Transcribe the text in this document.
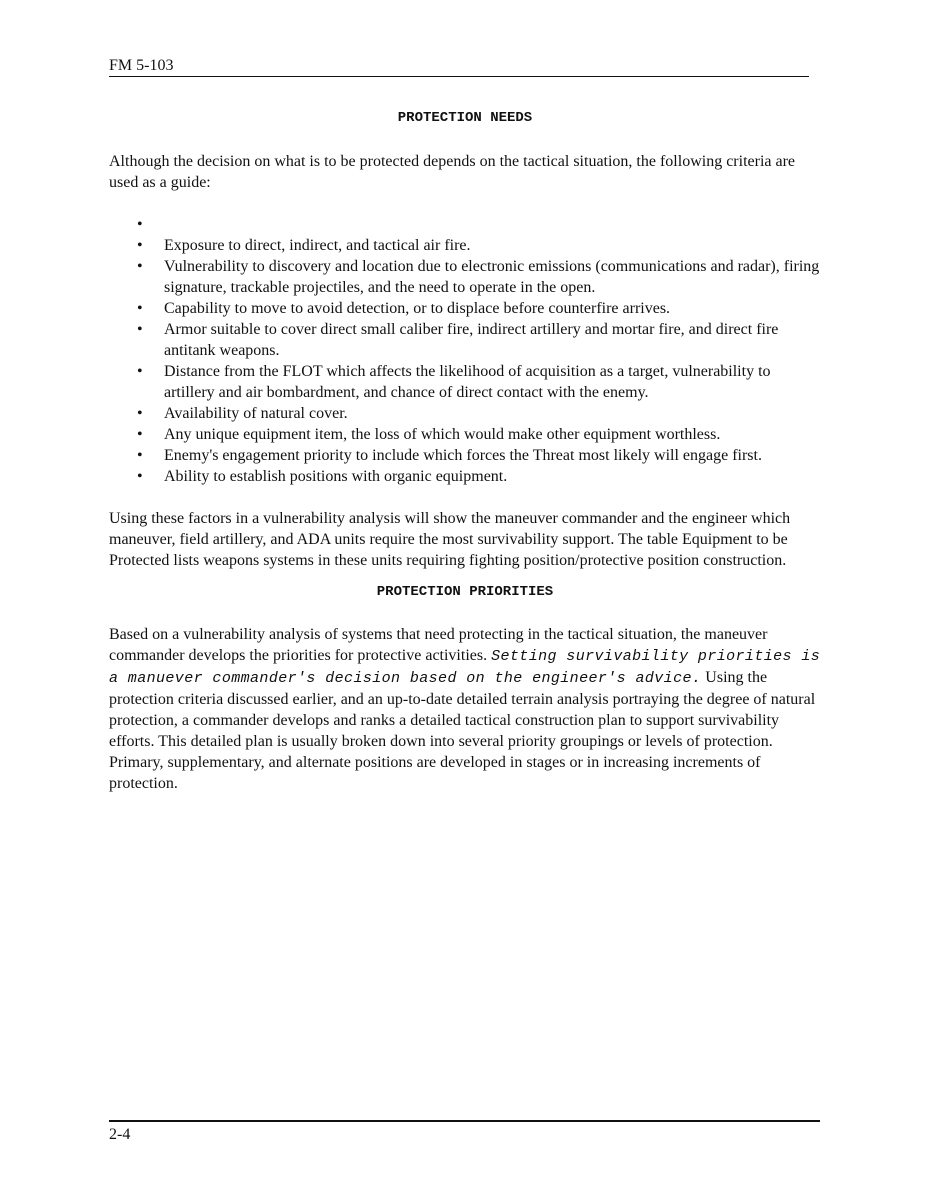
FM 5-103
PROTECTION NEEDS

Although the decision on what is to be protected depends on the tactical situation, the following criteria are used as a guide:

•
• Exposure to direct, indirect, and tactical air fire.
• Vulnerability to discovery and location due to electronic emissions (communications and radar), firing signature, trackable projectiles, and the need to operate in the open.
• Capability to move to avoid detection, or to displace before counterfire arrives.
• Armor suitable to cover direct small caliber fire, indirect artillery and mortar fire, and direct fire antitank weapons.
• Distance from the FLOT which affects the likelihood of acquisition as a target, vulnerability to artillery and air bombardment, and chance of direct contact with the enemy.
• Availability of natural cover.
• Any unique equipment item, the loss of which would make other equipment worthless.
• Enemy's engagement priority to include which forces the Threat most likely will engage first.
• Ability to establish positions with organic equipment.

Using these factors in a vulnerability analysis will show the maneuver commander and the engineer which maneuver, field artillery, and ADA units require the most survivability support. The table Equipment to be Protected lists weapons systems in these units requiring fighting position/protective position construction.

PROTECTION PRIORITIES

Based on a vulnerability analysis of systems that need protecting in the tactical situation, the maneuver commander develops the priorities for protective activities. Setting survivability priorities is a manuever commander's decision based on the engineer's advice. Using the protection criteria discussed earlier, and an up-to-date detailed terrain analysis portraying the degree of natural protection, a commander develops and ranks a detailed tactical construction plan to support survivability efforts. This detailed plan is usually broken down into several priority groupings or levels of protection. Primary, supplementary, and alternate positions are developed in stages or in increasing increments of protection.

2-4
